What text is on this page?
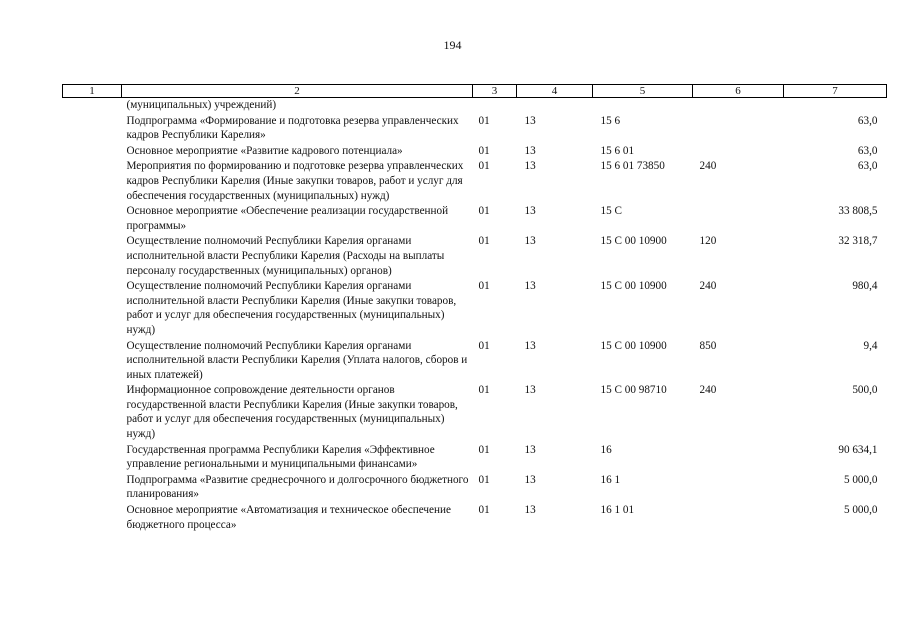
194
1	2	3	4	5	6	7
	(муниципальных) учреждений)					
	Подпрограмма «Формирование и подготовка резерва управленческих кадров Республики Карелия»	01	13	15 6		63,0
	Основное мероприятие «Развитие кадрового потенциала»	01	13	15 6 01		63,0
	Мероприятия по формированию и подготовке резерва управленческих кадров Республики Карелия (Иные закупки товаров, работ и услуг для обеспечения государственных (муниципальных) нужд)	01	13	15 6 01 73850	240	63,0
	Основное мероприятие «Обеспечение реализации государственной программы»	01	13	15 С		33 808,5
	Осуществление полномочий Республики Карелия органами исполнительной власти Республики Карелия (Расходы на выплаты персоналу государственных (муниципальных) органов)	01	13	15 С 00 10900	120	32 318,7
	Осуществление полномочий Республики Карелия органами исполнительной власти Республики Карелия (Иные закупки товаров, работ и услуг для обеспечения государственных (муниципальных) нужд)	01	13	15 С 00 10900	240	980,4
	Осуществление полномочий Республики Карелия органами исполнительной власти Республики Карелия (Уплата налогов, сборов и иных платежей)	01	13	15 С 00 10900	850	9,4
	Информационное сопровождение деятельности органов государственной власти Республики Карелия (Иные закупки товаров, работ и услуг для обеспечения государственных (муниципальных) нужд)	01	13	15 С 00 98710	240	500,0
	Государственная программа Республики Карелия «Эффективное управление региональными и муниципальными финансами»	01	13	16		90 634,1
	Подпрограмма «Развитие среднесрочного и долгосрочного бюджетного планирования»	01	13	16 1		5 000,0
	Основное мероприятие «Автоматизация и техническое обеспечение бюджетного процесса»	01	13	16 1 01		5 000,0
